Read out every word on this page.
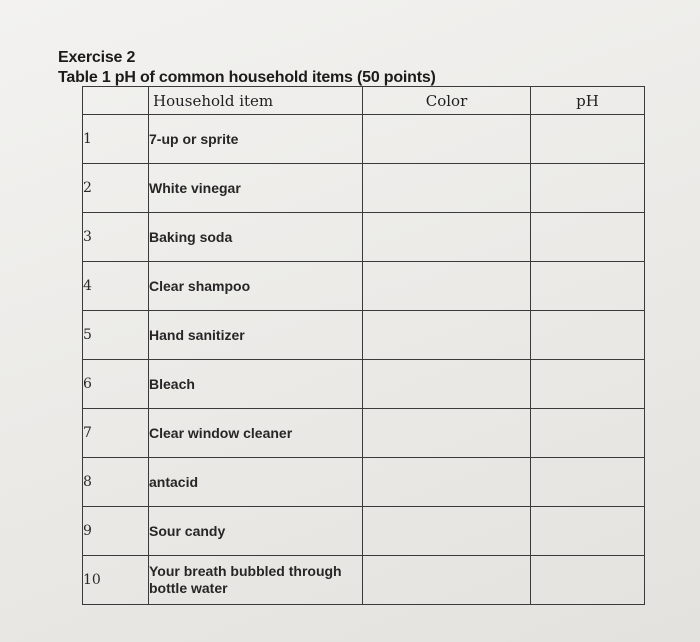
Exercise 2
Table 1 pH of common household items (50 points)
	Household item	Color	pH
1	7-up or sprite		
2	White vinegar		
3	Baking soda		
4	Clear shampoo		
5	Hand sanitizer		
6	Bleach		
7	Clear window cleaner		
8	antacid		
9	Sour candy		
10	Your breath bubbled through bottle water		
